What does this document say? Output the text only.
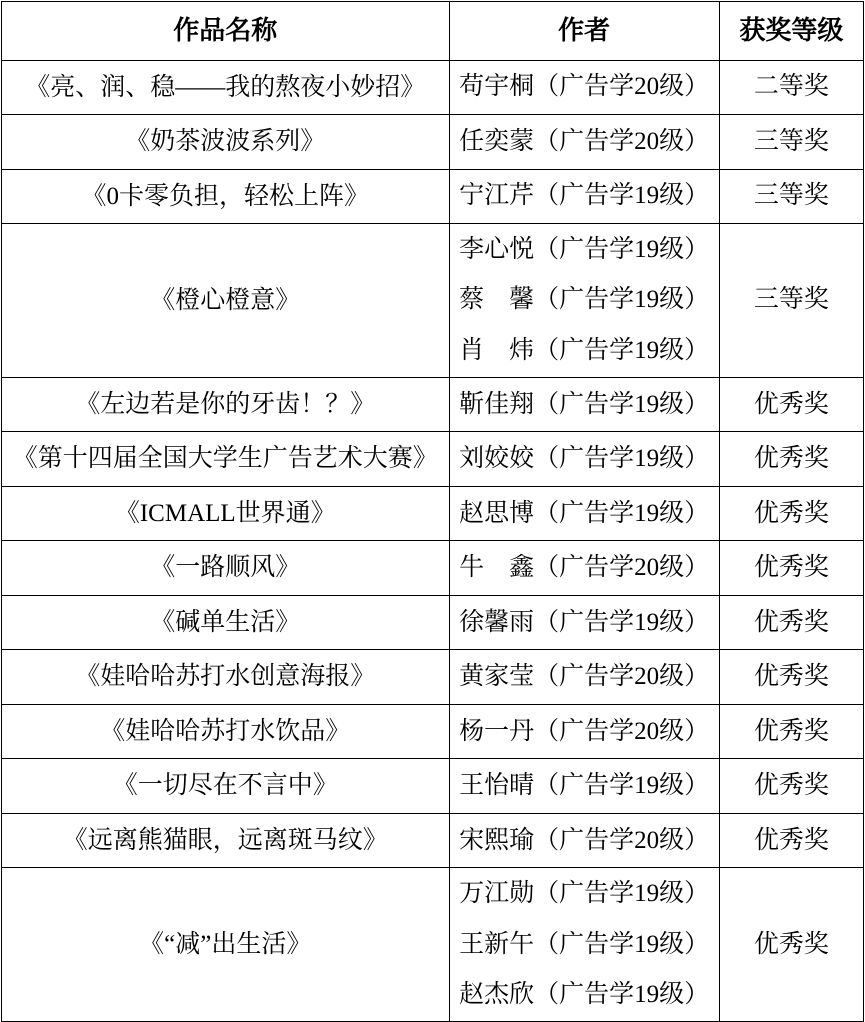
作品名称	作者	获奖等级
《亮、润、稳——我的熬夜小妙招》	苟宇桐（广告学20级）	二等奖
《奶茶波波系列》	任奕蒙（广告学20级）	三等奖
《0卡零负担，轻松上阵》	宁江芹（广告学19级）	三等奖
《橙心橙意》	李心悦（广告学19级）
蔡　馨（广告学19级）
肖　炜（广告学19级）	三等奖
《左边若是你的牙齿！？》	靳佳翔（广告学19级）	优秀奖
《第十四届全国大学生广告艺术大赛》	刘姣姣（广告学19级）	优秀奖
《ICMALL世界通》	赵思博（广告学19级）	优秀奖
《一路顺风》	牛　鑫（广告学20级）	优秀奖
《碱单生活》	徐馨雨（广告学19级）	优秀奖
《娃哈哈苏打水创意海报》	黄家莹（广告学20级）	优秀奖
《娃哈哈苏打水饮品》	杨一丹（广告学20级）	优秀奖
《一切尽在不言中》	王怡晴（广告学19级）	优秀奖
《远离熊猫眼，远离斑马纹》	宋熙瑜（广告学20级）	优秀奖
《“减”出生活》	万江勋（广告学19级）
王新午（广告学19级）
赵杰欣（广告学19级）	优秀奖
